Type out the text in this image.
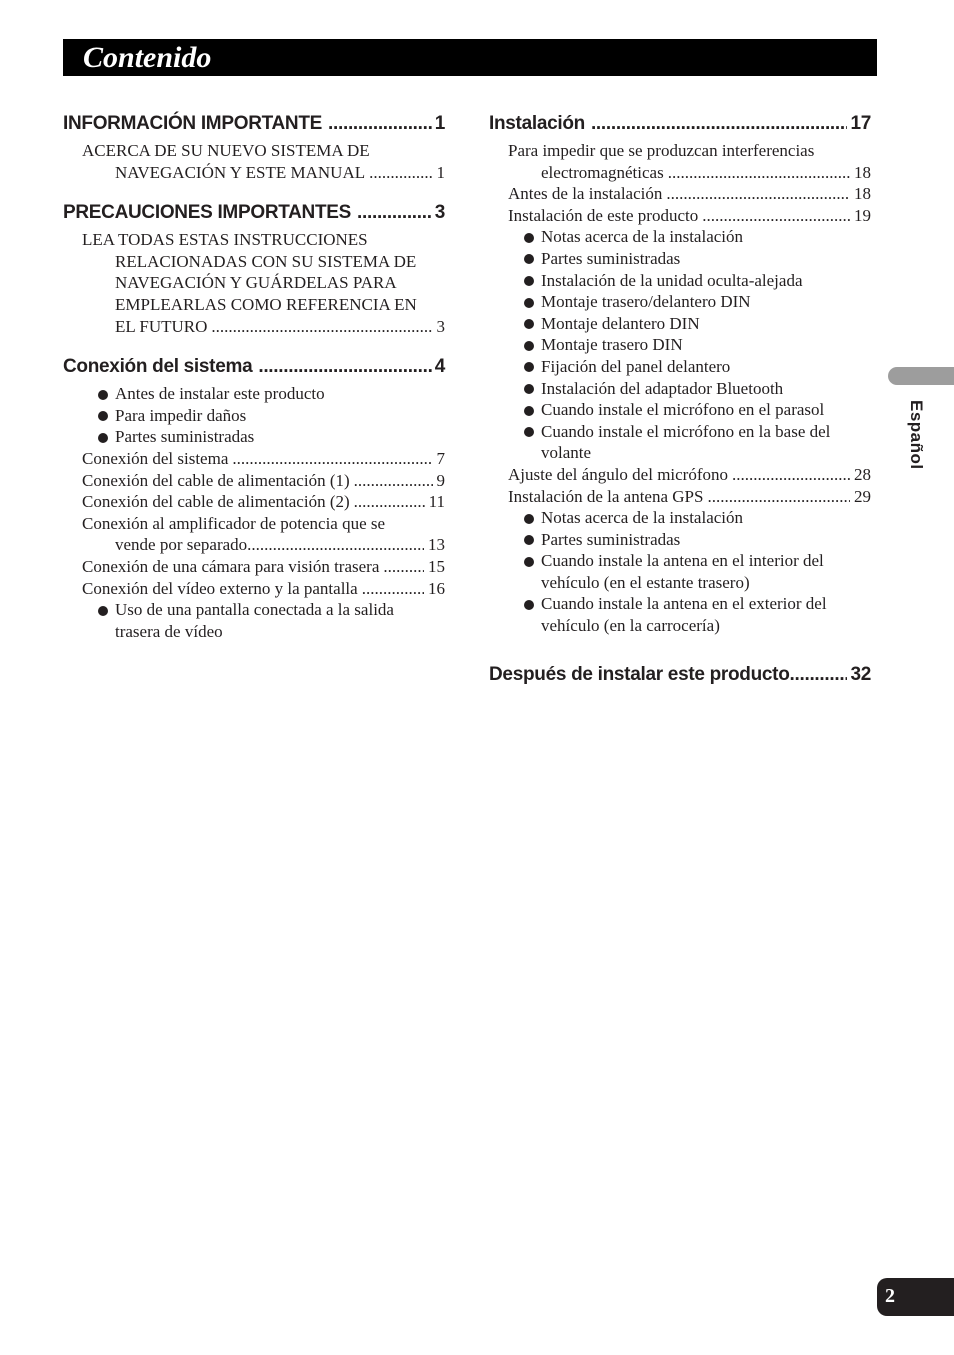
Contenido
INFORMACIÓN IMPORTANTE .....	1
ACERCA DE SU NUEVO SISTEMA DE
NAVEGACIÓN Y ESTE MANUAL .....	1
PRECAUCIONES IMPORTANTES .....	3
LEA TODAS ESTAS INSTRUCCIONES
RELACIONADAS CON SU SISTEMA DE
NAVEGACIÓN Y GUÁRDELAS PARA
EMPLEARLAS COMO REFERENCIA EN
EL FUTURO .....	3
Conexión del sistema .....	4
Antes de instalar este producto
Para impedir daños
Partes suministradas
Conexión del sistema .....	7
Conexión del cable de alimentación (1) .....	9
Conexión del cable de alimentación (2) .....	11
Conexión al amplificador de potencia que se
vende por separado .....	13
Conexión de una cámara para visión trasera .....	15
Conexión del vídeo externo y la pantalla .....	16
Uso de una pantalla conectada a la salida
trasera de vídeo
Instalación .....	17
Para impedir que se produzcan interferencias
electromagnéticas .....	18
Antes de la instalación .....	18
Instalación de este producto .....	19
Notas acerca de la instalación
Partes suministradas
Instalación de la unidad oculta-alejada
Montaje trasero/delantero DIN
Montaje delantero DIN
Montaje trasero DIN
Fijación del panel delantero
Instalación del adaptador Bluetooth
Cuando instale el micrófono en el parasol
Cuando instale el micrófono en la base del
volante
Ajuste del ángulo del micrófono .....	28
Instalación de la antena GPS .....	29
Notas acerca de la instalación
Partes suministradas
Cuando instale la antena en el interior del
vehículo (en el estante trasero)
Cuando instale la antena en el exterior del
vehículo (en la carrocería)
Después de instalar este producto .....	32
Español
2
